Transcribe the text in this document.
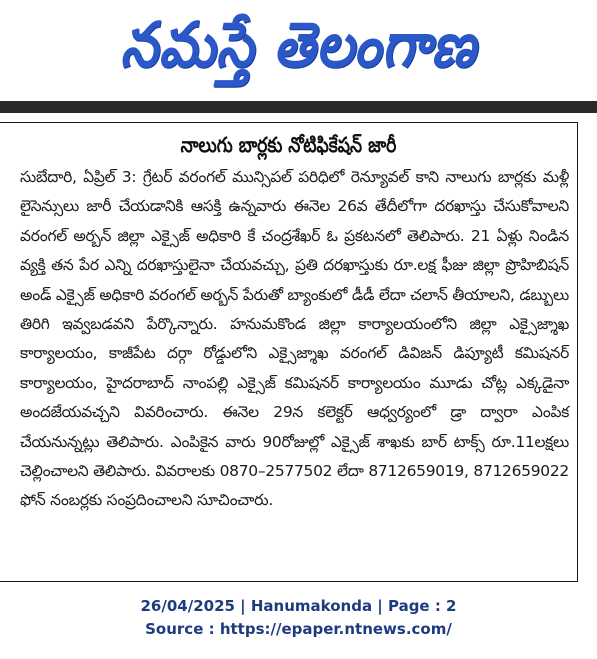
నమస్తే తెలంగాణ
నాలుగు బార్లకు నోటిఫికేషన్ జారీ
సుబేదారి, ఏప్రిల్ 3: గ్రేటర్ వరంగల్ మున్సిపల్ పరిధిలో రెన్యూవల్ కాని నాలుగు బార్లకు మళ్లీ లైసెన్సులు జారీ చేయడానికి ఆసక్తి ఉన్నవారు ఈనెల 26వ తేదీలోగా దరఖాస్తు చేసుకోవాలని వరంగల్ అర్బన్ జిల్లా ఎక్సైజ్ అధికారి కే చంద్రశేఖర్ ఓ ప్రకటనలో తెలిపారు. 21 ఏళ్లు నిండిన వ్యక్తి తన పేర ఎన్ని దరఖాస్తులైనా చేయవచ్చు, ప్రతి దరఖాస్తుకు రూ.లక్ష ఫీజు జిల్లా ప్రొహిబిషన్ అండ్ ఎక్సైజ్ అధికారి వరంగల్ అర్బన్ పేరుతో బ్యాంకులో డీడీ లేదా చలాన్ తీయాలని, డబ్బులు తిరిగి ఇవ్వబడవని పేర్కొన్నారు. హనుమకొండ జిల్లా కార్యాలయంలోని జిల్లా ఎక్సైజ్శాఖ కార్యాలయం, కాజీపేట దర్గా రోడ్డులోని ఎక్సైజ్శాఖ వరంగల్ డివిజన్ డిప్యూటీ కమిషనర్ కార్యాలయం, హైదరాబాద్ నాంపల్లి ఎక్సైజ్ కమిషనర్ కార్యాలయం మూడు చోట్ల ఎక్కడైనా అందజేయవచ్చని వివరించారు. ఈనెల 29న కలెక్టర్ ఆధ్వర్యంలో డ్రా ద్వారా ఎంపిక చేయనున్నట్లు తెలిపారు. ఎంపికైన వారు 90రోజుల్లో ఎక్సైజ్ శాఖకు బార్ టాక్స్ రూ.11లక్షలు చెల్లించాలని తెలిపారు. వివరాలకు 0870–2577502 లేదా 8712659019, 8712659022 ఫోన్ నంబర్లకు సంప్రదించాలని సూచించారు.
26/04/2025 | Hanumakonda | Page : 2
Source : https://epaper.ntnews.com/
